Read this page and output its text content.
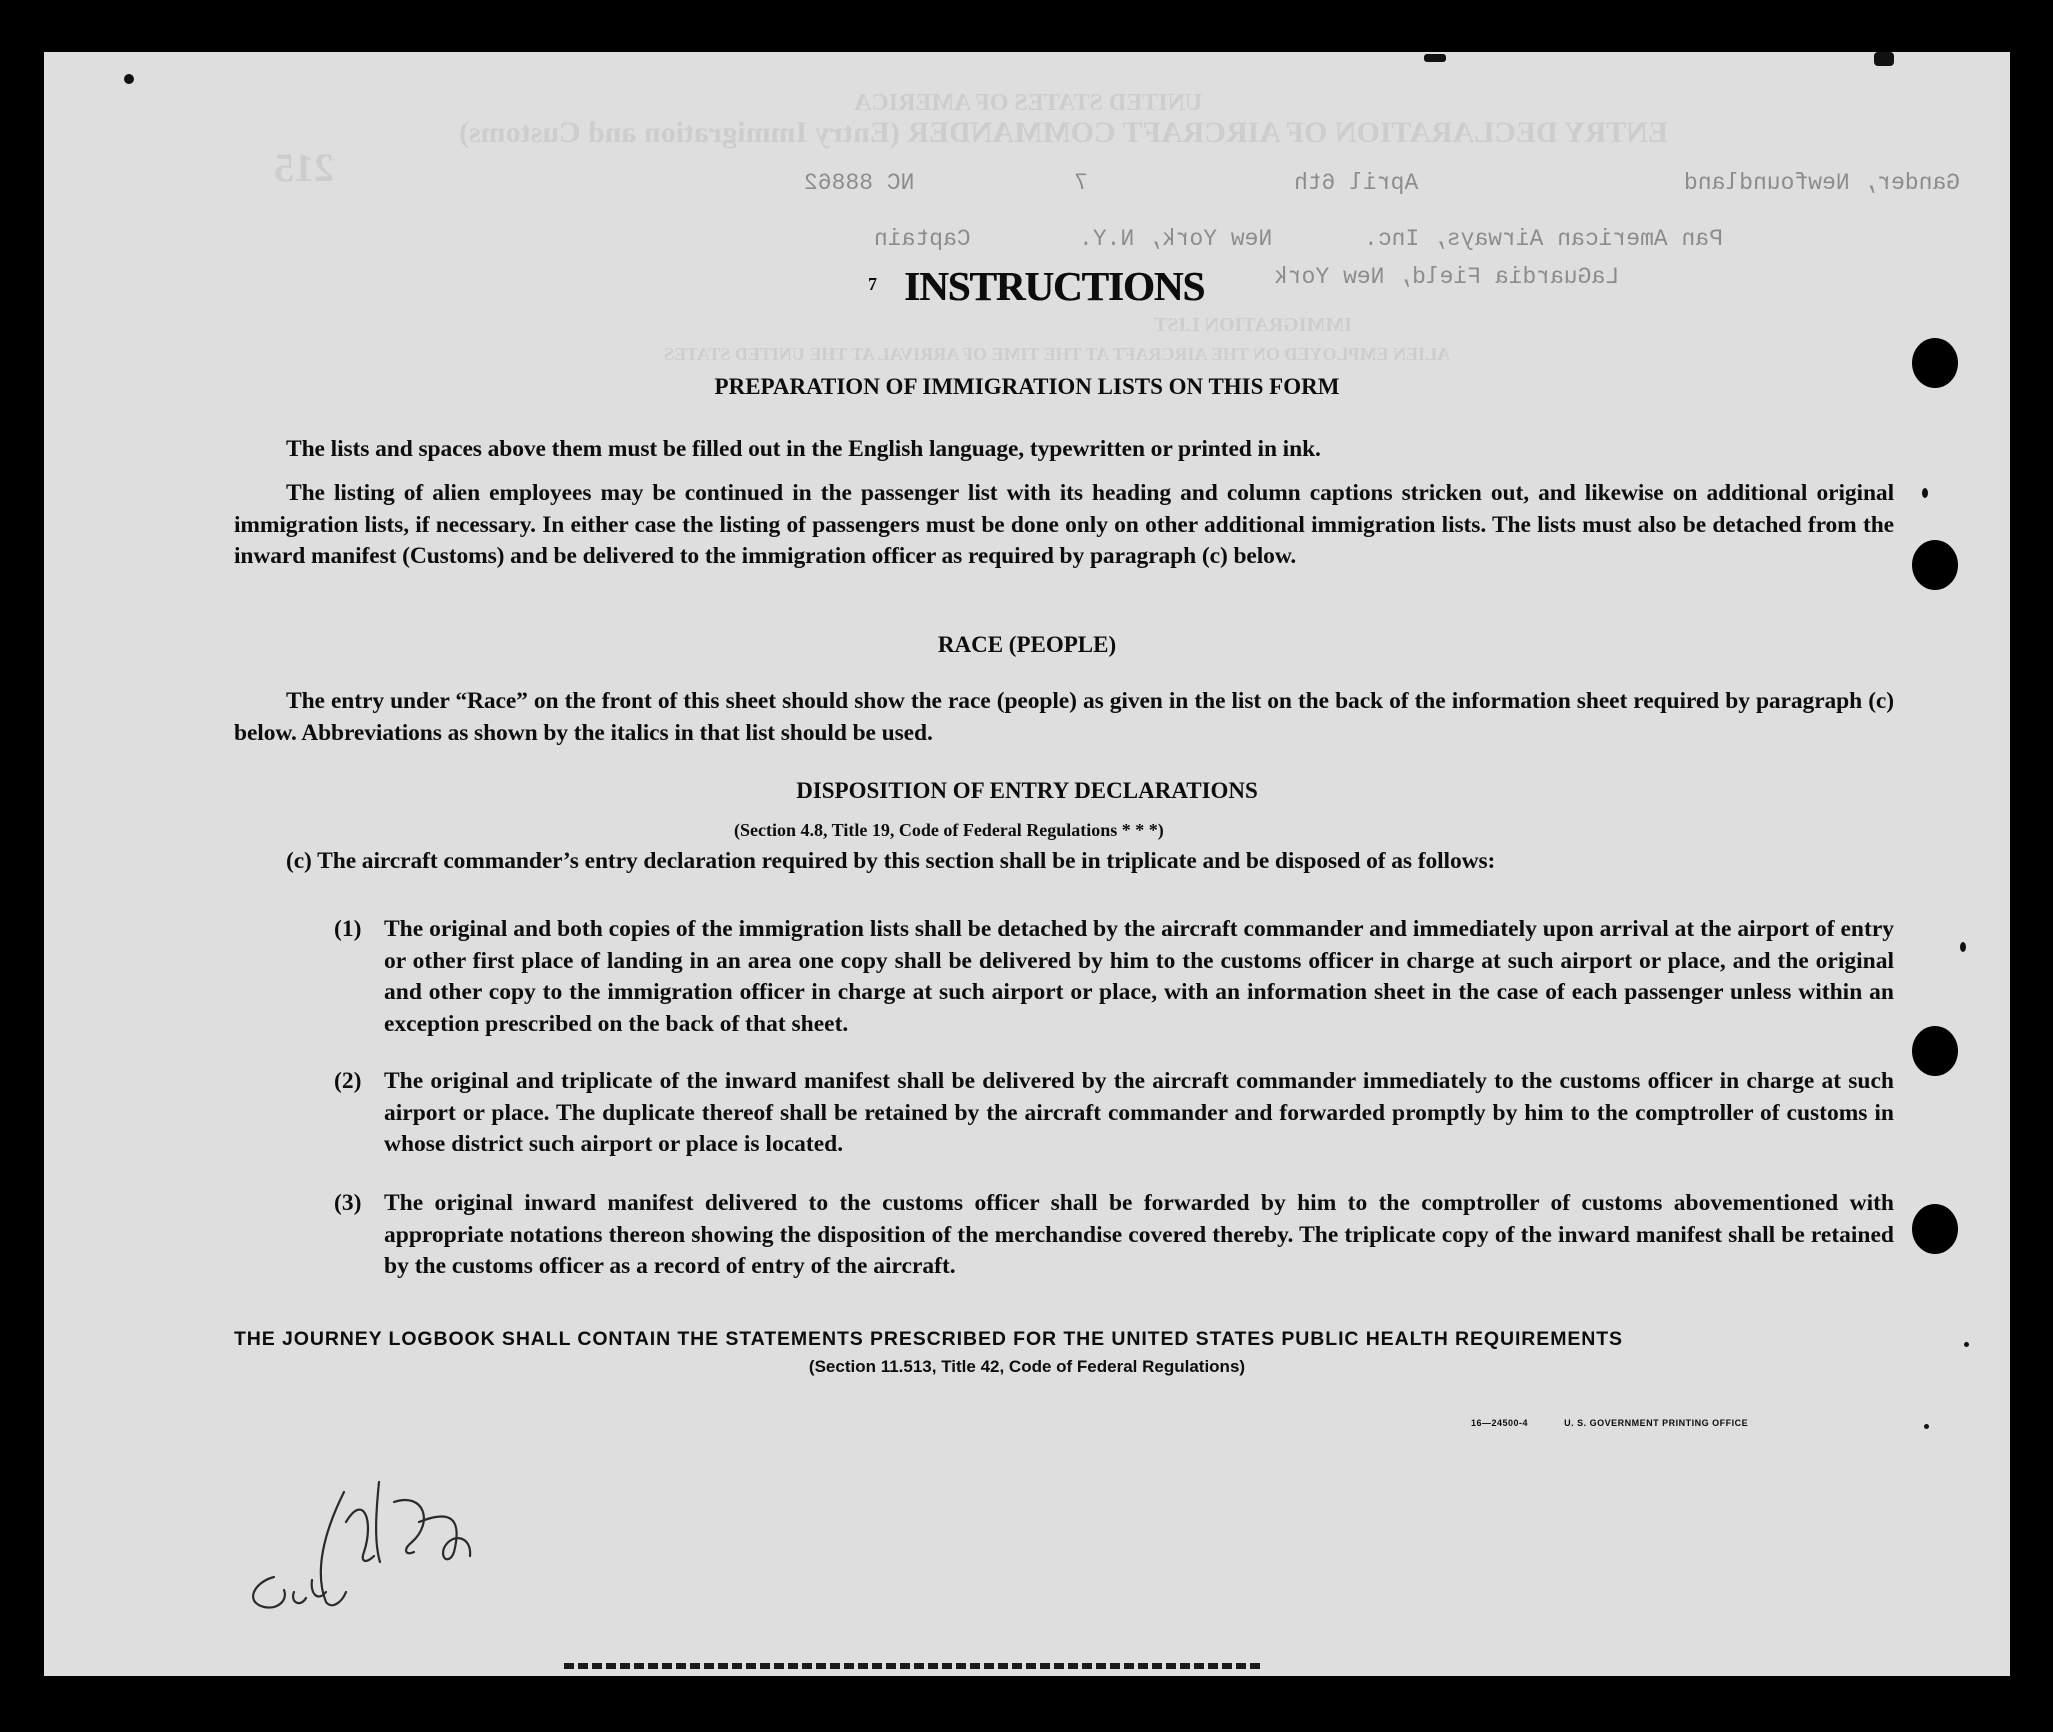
UNITED STATES OF AMERICA
ENTRY DECLARATION OF AIRCRAFT COMMANDER (Entry Immigration and Customs)
215	Gander, Newfoundland
April 6th
7
NC 88862
Pan American Airways, Inc.
New York, N.Y.
Captain
LaGuardia Field, New York
IMMIGRATION LIST
ALIEN EMPLOYED ON THE AIRCRAFT AT THE TIME OF ARRIVAL AT THE UNITED STATES
7 INSTRUCTIONS
PREPARATION OF IMMIGRATION LISTS ON THIS FORM
The lists and spaces above them must be filled out in the English language, typewritten or printed in ink.
The listing of alien employees may be continued in the passenger list with its heading and column captions stricken out, and likewise on additional original immigration lists, if necessary. In either case the listing of passengers must be done only on other additional immigration lists. The lists must also be detached from the inward manifest (Customs) and be delivered to the immigration officer as required by paragraph (c) below.
RACE (PEOPLE)
The entry under “Race” on the front of this sheet should show the race (people) as given in the list on the back of the information sheet required by paragraph (c) below. Abbreviations as shown by the italics in that list should be used.
DISPOSITION OF ENTRY DECLARATIONS
(Section 4.8, Title 19, Code of Federal Regulations * * *)
(c) The aircraft commander’s entry declaration required by this section shall be in triplicate and be disposed of as follows:
(1) The original and both copies of the immigration lists shall be detached by the aircraft commander and immediately upon arrival at the airport of entry or other first place of landing in an area one copy shall be delivered by him to the customs officer in charge at such airport or place, and the original and other copy to the immigration officer in charge at such airport or place, with an information sheet in the case of each passenger unless within an exception prescribed on the back of that sheet.
(2) The original and triplicate of the inward manifest shall be delivered by the aircraft commander immediately to the customs officer in charge at such airport or place. The duplicate thereof shall be retained by the aircraft commander and forwarded promptly by him to the comptroller of customs in whose district such airport or place is located.
(3) The original inward manifest delivered to the customs officer shall be forwarded by him to the comptroller of customs abovementioned with appropriate notations thereon showing the disposition of the merchandise covered thereby. The triplicate copy of the inward manifest shall be retained by the customs officer as a record of entry of the aircraft.
THE JOURNEY LOGBOOK SHALL CONTAIN THE STATEMENTS PRESCRIBED FOR THE UNITED STATES PUBLIC HEALTH REQUIREMENTS
(Section 11.513, Title 42, Code of Federal Regulations)
16—24500-4	U. S. GOVERNMENT PRINTING OFFICE
